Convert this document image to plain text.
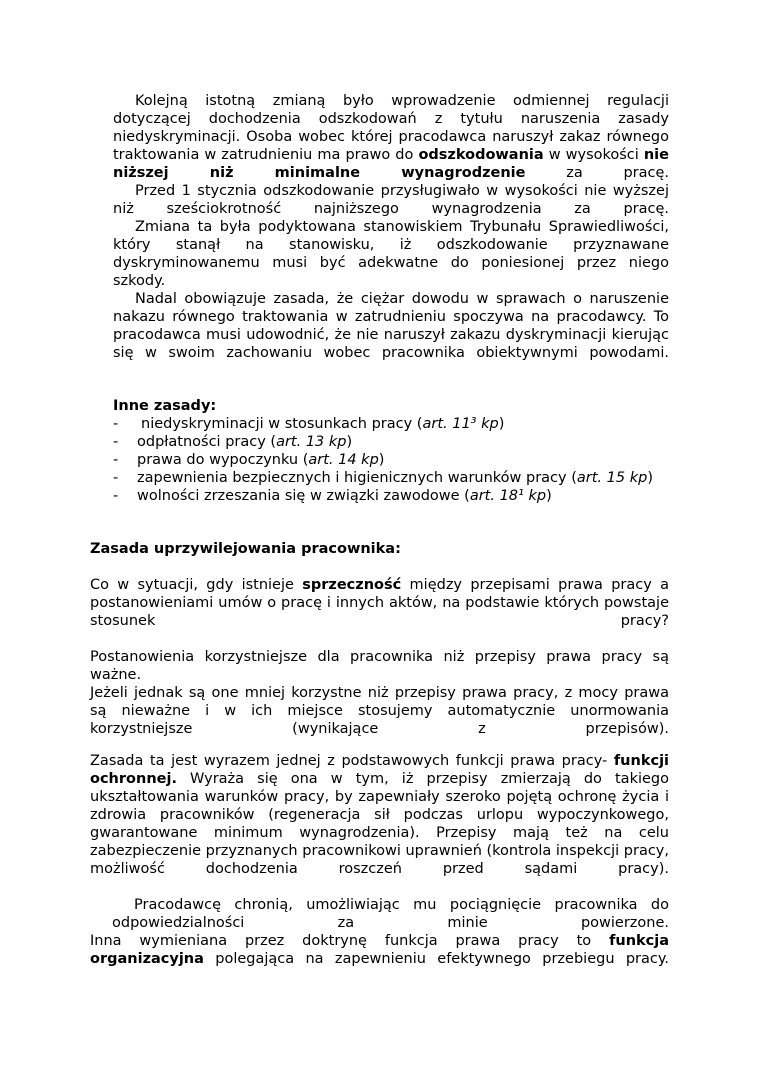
Kolejną istotną zmianą było wprowadzenie odmiennej regulacji dotyczącej dochodzenia odszkodowań z tytułu naruszenia zasady niedyskryminacji. Osoba wobec której pracodawca naruszył zakaz równego traktowania w zatrudnieniu ma prawo do odszkodowania w wysokości nie niższej niż minimalne wynagrodzenie	za pracę.

Przed 1 stycznia odszkodowanie przysługiwało w wysokości nie wyższej niż sześciokrotność najniższego wynagrodzenia za pracę.

Zmiana ta była podyktowana stanowiskiem Trybunału Sprawiedliwości, który stanął na stanowisku, iż odszkodowanie przyznawane dyskryminowanemu musi być adekwatne do poniesionej przez niego szkody.

Nadal obowiązuje zasada, że ciężar dowodu w sprawach o naruszenie nakazu równego traktowania w zatrudnieniu spoczywa na pracodawcy. To pracodawca musi udowodnić, że nie naruszył zakazu dyskryminacji kierując się w swoim zachowaniu wobec pracownika obiektywnymi powodami.

Inne zasady:

- niedyskryminacji w stosunkach pracy (art. 11³ kp)
- odpłatności pracy (art. 13 kp)
- prawa do wypoczynku (art. 14 kp)
- zapewnienia bezpiecznych i higienicznych warunków pracy (art. 15 kp)
- wolności zrzeszania się w związki zawodowe (art. 18¹ kp)

Zasada uprzywilejowania pracownika:

Co w sytuacji, gdy istnieje sprzeczność między przepisami prawa pracy a postanowieniami umów o pracę i innych aktów, na podstawie których powstaje stosunek pracy?

Postanowienia korzystniejsze dla pracownika niż przepisy prawa pracy są ważne.

Jeżeli jednak są one mniej korzystne niż przepisy prawa pracy, z mocy prawa są nieważne i w ich miejsce stosujemy automatycznie unormowania korzystniejsze (wynikające z przepisów).

Zasada ta jest wyrazem jednej z podstawowych funkcji prawa pracy- funkcji ochronnej. Wyraża się ona w tym, iż przepisy zmierzają do takiego ukształtowania warunków pracy, by zapewniały szeroko pojętą ochronę życia i zdrowia pracowników (regeneracja sił podczas urlopu wypoczynkowego, gwarantowane minimum wynagrodzenia). Przepisy mają też na celu zabezpieczenie przyznanych pracownikowi uprawnień (kontrola inspekcji pracy, możliwość dochodzenia roszczeń przed sądami pracy).

Pracodawcę chronią, umożliwiając mu pociągnięcie pracownika do odpowiedzialności za minie powierzone.

Inna wymieniana przez doktrynę funkcja prawa pracy to funkcja organizacyjna polegająca na zapewnieniu efektywnego przebiegu pracy.
